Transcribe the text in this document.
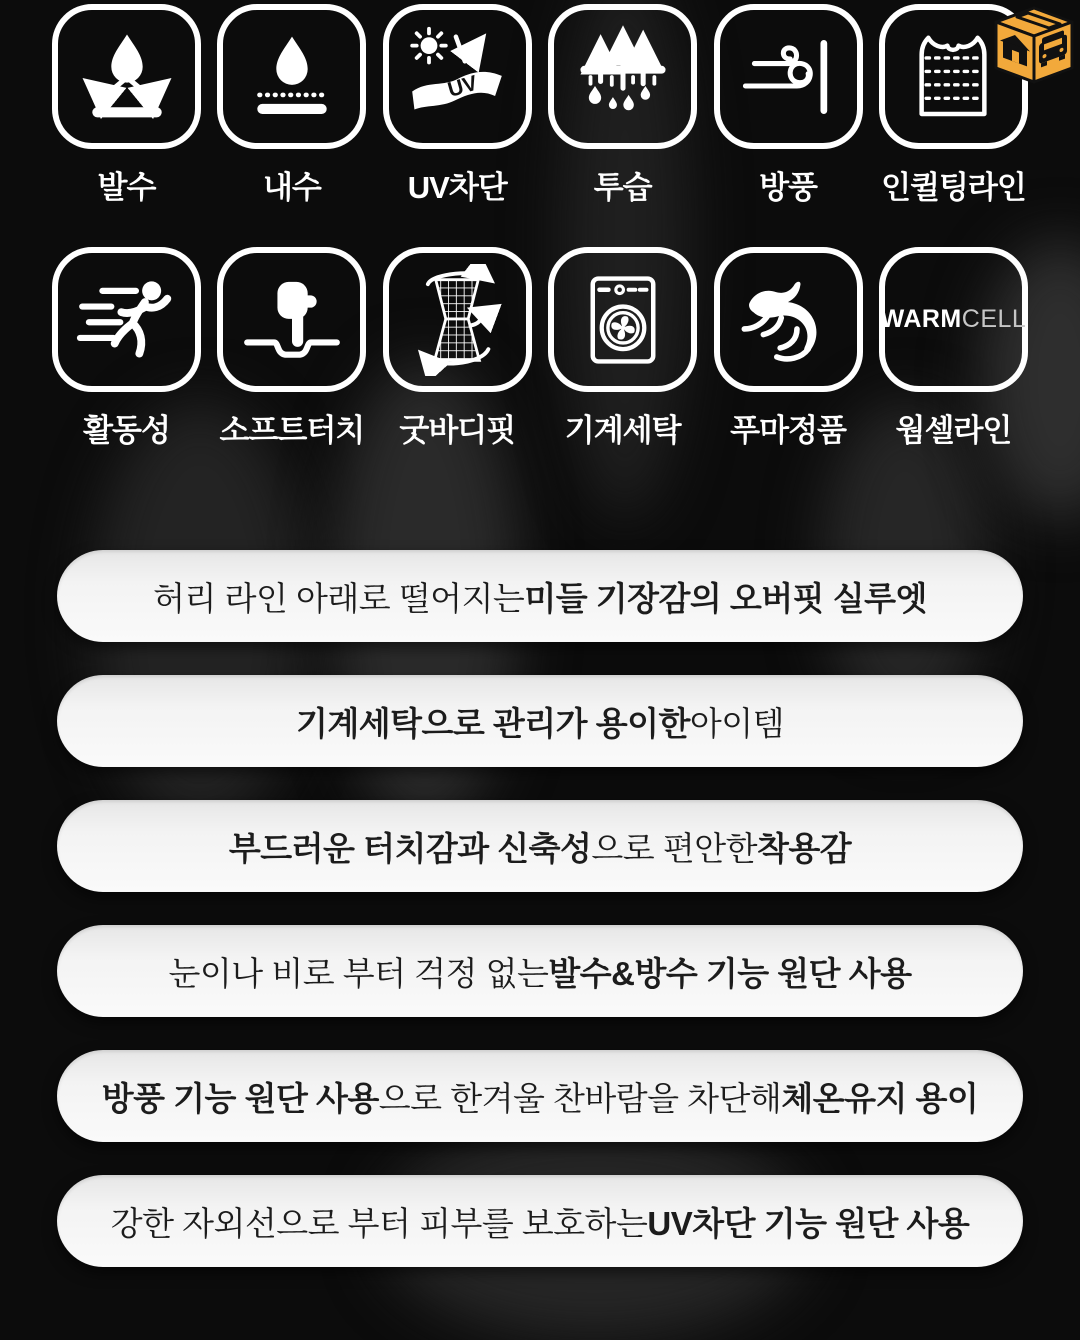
발수	내수
UV
UV차단	투습	방풍 인퀼팅라인
활동성 소프트터치 굿바디핏 기계세탁 푸마정품
WARMCELL
웜셀라인
허리 라인 아래로 떨어지는 미들 기장감의 오버핏 실루엣
기계세탁으로 관리가 용이한 아이템
부드러운 터치감과 신축성 으로 편안한 착용감
눈이나 비로 부터 걱정 없는 발수&방수 기능 원단 사용
방풍 기능 원단 사용 으로 한겨울 찬바람을 차단해 체온유지 용이
강한 자외선으로 부터 피부를 보호하는 UV차단 기능 원단 사용
